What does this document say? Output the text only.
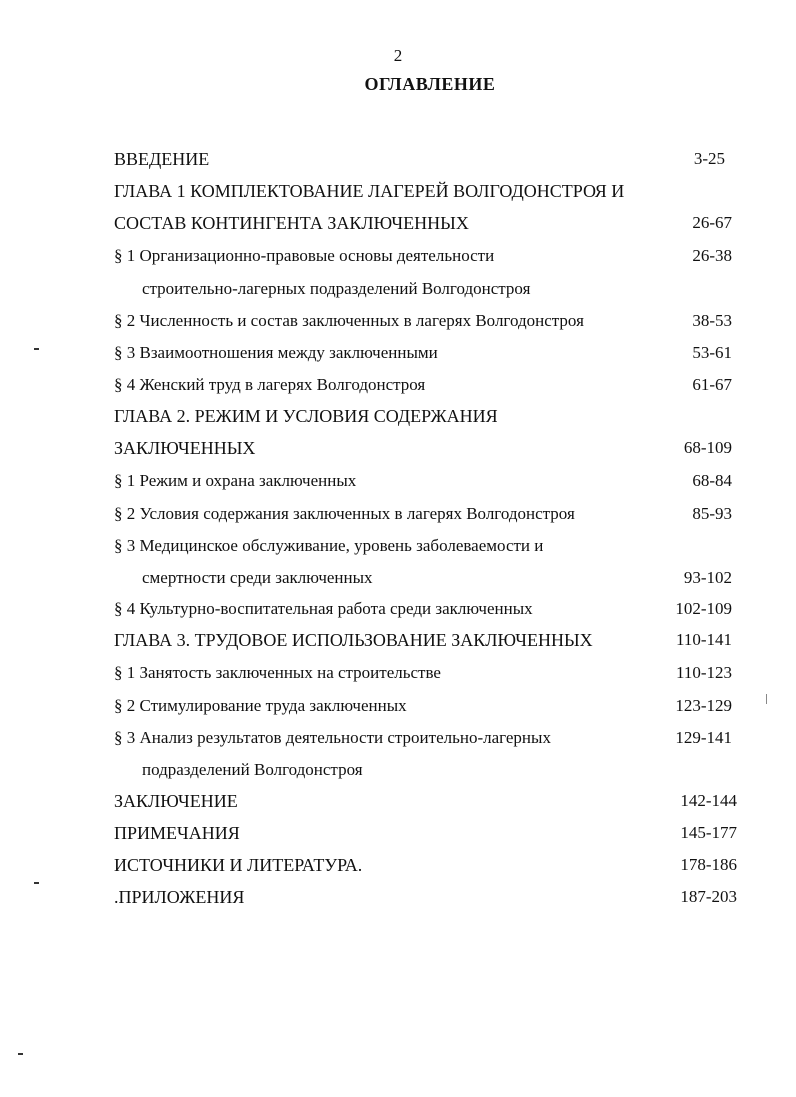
2
ОГЛАВЛЕНИЕ
ВВЕДЕНИЕ	3-25
ГЛАВА 1 КОМПЛЕКТОВАНИЕ ЛАГЕРЕЙ ВОЛГОДОНСТРОЯ И
СОСТАВ КОНТИНГЕНТА ЗАКЛЮЧЕННЫХ	26-67
§ 1 Организационно-правовые основы деятельности	26-38
строительно-лагерных подразделений Волгодонстроя
§ 2 Численность и состав заключенных в лагерях Волгодонстроя	38-53
§ 3 Взаимоотношения между заключенными	53-61
§ 4 Женский труд в лагерях Волгодонстроя	61-67
ГЛАВА 2. РЕЖИМ И УСЛОВИЯ СОДЕРЖАНИЯ
ЗАКЛЮЧЕННЫХ	68-109
§ 1 Режим и охрана заключенных	68-84
§ 2 Условия содержания заключенных в лагерях Волгодонстроя	85-93
§ 3 Медицинское обслуживание, уровень заболеваемости и
смертности среди заключенных	93-102
§ 4 Культурно-воспитательная работа среди заключенных	102-109
ГЛАВА 3. ТРУДОВОЕ ИСПОЛЬЗОВАНИЕ ЗАКЛЮЧЕННЫХ	110-141
§ 1 Занятость заключенных на строительстве	110-123
§ 2 Стимулирование труда заключенных	123-129
§ 3 Анализ результатов деятельности строительно-лагерных	129-141
подразделений Волгодонстроя
ЗАКЛЮЧЕНИЕ	142-144
ПРИМЕЧАНИЯ	145-177
ИСТОЧНИКИ И ЛИТЕРАТУРА.	178-186
.ПРИЛОЖЕНИЯ	187-203
